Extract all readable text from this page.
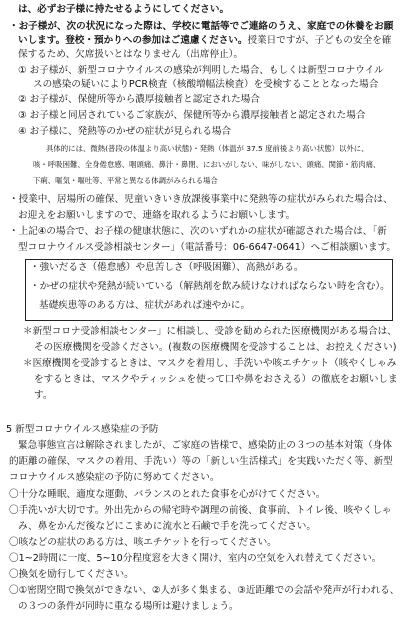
は、必ずお子様に持たせるようにしてください。
・お子様が、次の状況になった際は、学校に電話等でご連絡のうえ、家庭での休養をお願
いします。登校・預かりへの参加はご遠慮ください。授業日ですが、子どもの安全を確
保するため、欠席扱いとはなりません（出席停止）。
① お子様が、新型コロナウイルスの感染が判明した場合、もしくは新型コロナウイル
スの感染の疑いによりPCR検査（核酸増幅法検査）を受検することとなった場合
② お子様が、保健所等から濃厚接触者と認定された場合
③ お子様と同居されているご家族が、保健所等から濃厚接触者と認定された場合
④ お子様に、発熱等のかぜの症状が見られる場合
具体的には、微熱(普段の体温より高い状態)・発熱（体温が 37.5 度前後より高い状態）以外に、
咳・呼吸困難、全身倦怠感、咽頭痛、鼻汁・鼻閉、においがしない、味がしない、頭痛、関節・筋肉痛、
下痢、嘔気・嘔吐等、平常と異なる体調がみられる場合
・授業中、居場所の確保、児童いきいき放課後事業中に発熱等の症状がみられた場合は、
お迎えをお願いしますので、連絡を取れるようにお願いします。
・上記④の場合で、お子様の健康状態に、次のいずれかの症状が確認された場合は、「新
型コロナウイルス受診相談センター」（電話番号：06-6647-0641）へご相談願います。
・強いだるさ（倦怠感）や息苦しさ（呼吸困難）、高熱がある。
・かぜの症状や発熱が続いている（解熱剤を飲み続けなければならない時を含む）。
基礎疾患等のある方は、症状があれば速やかに。
＊新型コロナ受診相談センター」に相談し、受診を勧められた医療機関がある場合は、
その医療機関を受診ください。(複数の医療機関を受診することは、お控えください)
＊医療機関を受診するときは、マスクを着用し、手洗いや咳エチケット（咳やくしゃみ
をするときは、マスクやティッシュを使って口や鼻をおさえる）の徹底をお願いしま
す。
5 新型コロナウイルス感染症の予防
緊急事態宣言は解除されましたが、ご家庭の皆様で、感染防止の３つの基本対策（身体
的距離の確保、マスクの着用、手洗い）等の「新しい生活様式」を実践いただく等、新型
コロナウイルス感染症の予防に努めてください。
〇十分な睡眠、適度な運動、バランスのとれた食事を心がけてください。
〇手洗いが大切です。外出先からの帰宅時や調理の前後、食事前、トイレ後、咳やくしゃ
み、鼻をかんだ後などにこまめに流水と石鹸で手を洗ってください。
〇咳などの症状のある方は、咳エチケットを行ってください。
〇1~2時間に一度、5~10分程度窓を大きく開け、室内の空気を入れ替えてください。
〇換気を励行してください。
〇①密閉空間で換気ができない、②人が多く集まる、③近距離での会話や発声が行われる、
の３つの条件が同時に重なる場所は避けましょう。
